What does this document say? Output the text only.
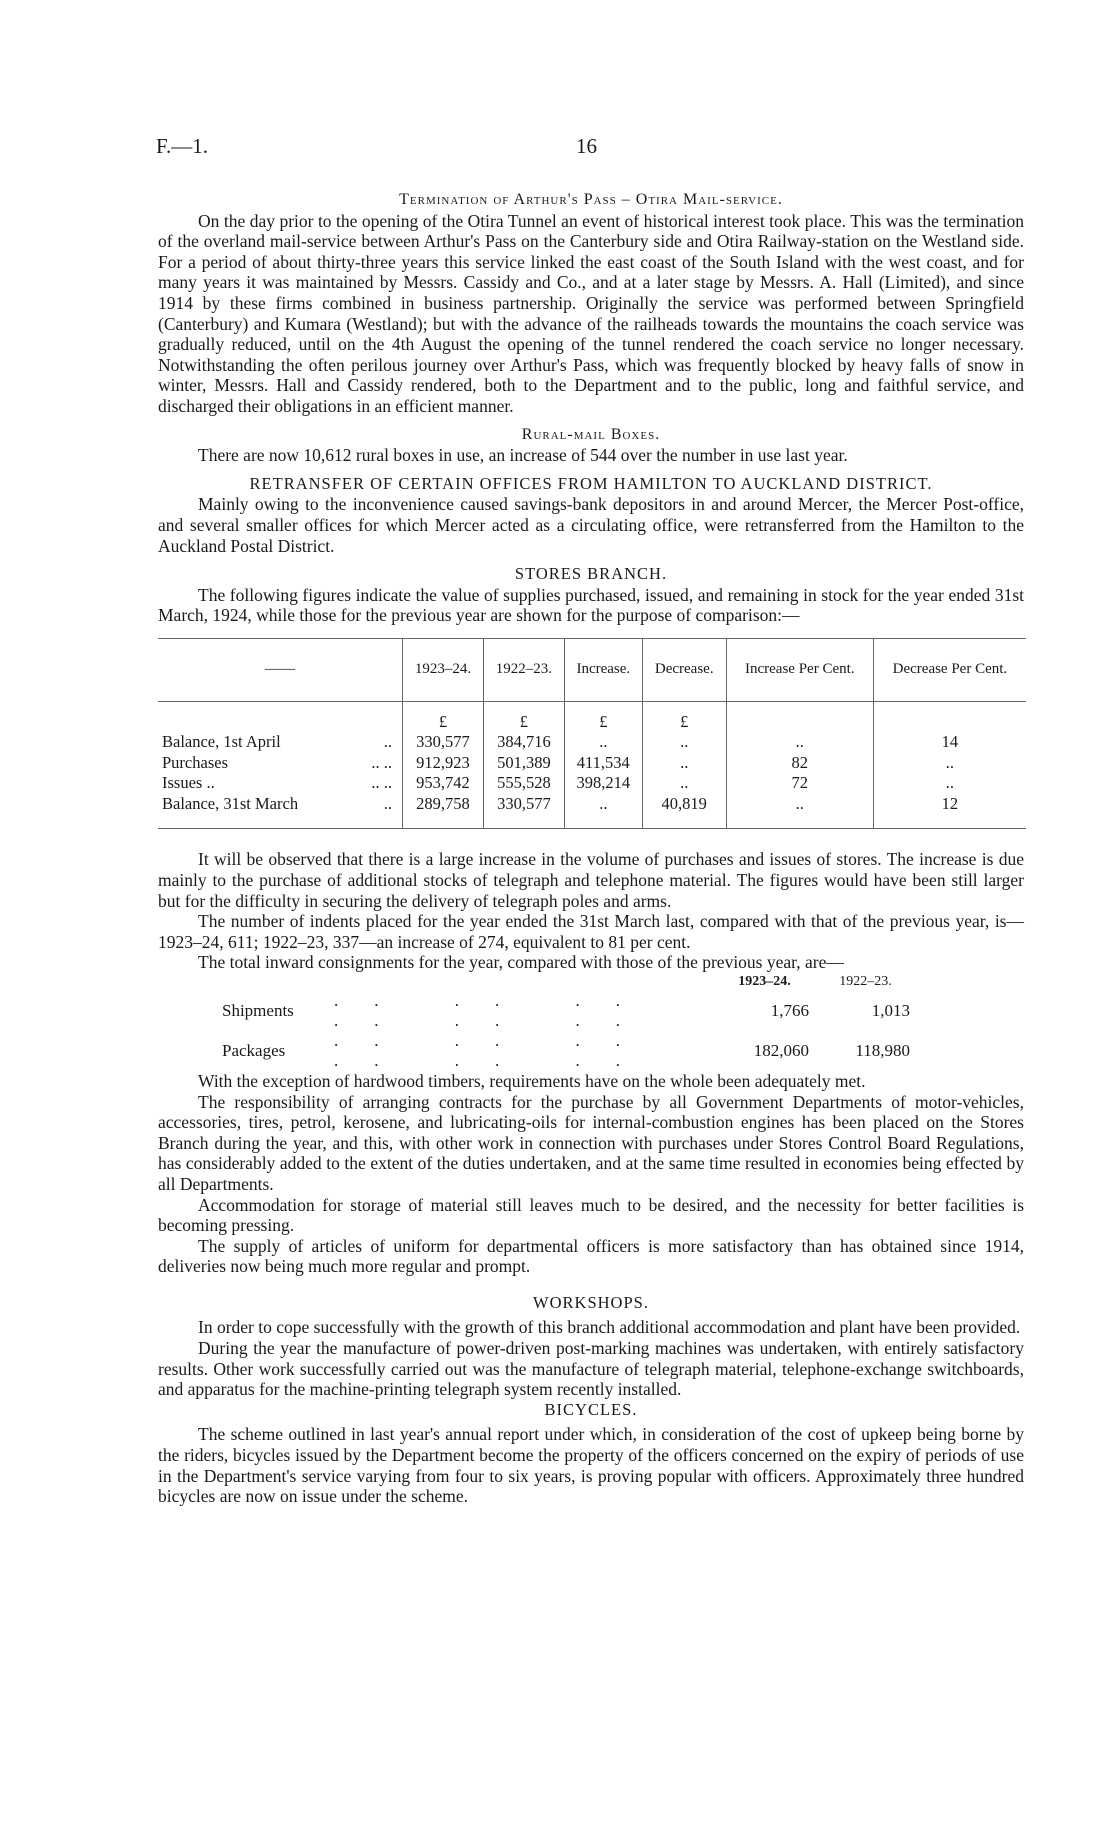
F.—1.	16
Termination of Arthur's Pass – Otira Mail-service.

On the day prior to the opening of the Otira Tunnel an event of historical interest took place. This was the termination of the overland mail-service between Arthur's Pass on the Canterbury side and Otira Railway-station on the Westland side. For a period of about thirty-three years this service linked the east coast of the South Island with the west coast, and for many years it was maintained by Messrs. Cassidy and Co., and at a later stage by Messrs. A. Hall (Limited), and since 1914 by these firms combined in business partnership. Originally the service was performed between Springfield (Canterbury) and Kumara (Westland); but with the advance of the railheads towards the mountains the coach service was gradually reduced, until on the 4th August the opening of the tunnel rendered the coach service no longer necessary. Notwithstanding the often perilous journey over Arthur's Pass, which was frequently blocked by heavy falls of snow in winter, Messrs. Hall and Cassidy rendered, both to the Department and to the public, long and faithful service, and discharged their obligations in an efficient manner.

Rural-mail Boxes.

There are now 10,612 rural boxes in use, an increase of 544 over the number in use last year.

RETRANSFER OF CERTAIN OFFICES FROM HAMILTON TO AUCKLAND DISTRICT.

Mainly owing to the inconvenience caused savings-bank depositors in and around Mercer, the Mercer Post-office, and several smaller offices for which Mercer acted as a circulating office, were retransferred from the Hamilton to the Auckland Postal District.

STORES BRANCH.

The following figures indicate the value of supplies purchased, issued, and remaining in stock for the year ended 31st March, 1924, while those for the previous year are shown for the purpose of comparison:—

——	1923–24.	1922–23.	Increase.	Decrease.	Increase Per Cent.	Decrease Per Cent.
	£	£	£	£		
Balance, 1st April ..	330,577	384,716	..	..	..	14
Purchases .. ..	912,923	501,389	411,534	..	82	..
Issues .. .. ..	953,742	555,528	398,214	..	72	..
Balance, 31st March ..	289,758	330,577	..	40,819	..	12

It will be observed that there is a large increase in the volume of purchases and issues of stores. The increase is due mainly to the purchase of additional stocks of telegraph and telephone material. The figures would have been still larger but for the difficulty in securing the delivery of telegraph poles and arms.

The number of indents placed for the year ended the 31st March last, compared with that of the previous year, is—1923–24, 611; 1922–23, 337—an increase of 274, equivalent to 81 per cent.

The total inward consignments for the year, compared with those of the previous year, are—

		1923–24.	1922–23.
Shipments	.. .. .. .. .. ..	1,766	1,013
Packages	.. .. .. .. .. ..	182,060	118,980

With the exception of hardwood timbers, requirements have on the whole been adequately met.

The responsibility of arranging contracts for the purchase by all Government Departments of motor-vehicles, accessories, tires, petrol, kerosene, and lubricating-oils for internal-combustion engines has been placed on the Stores Branch during the year, and this, with other work in connection with purchases under Stores Control Board Regulations, has considerably added to the extent of the duties undertaken, and at the same time resulted in economies being effected by all Departments.

Accommodation for storage of material still leaves much to be desired, and the necessity for better facilities is becoming pressing.

The supply of articles of uniform for departmental officers is more satisfactory than has obtained since 1914, deliveries now being much more regular and prompt.

WORKSHOPS.

In order to cope successfully with the growth of this branch additional accommodation and plant have been provided.

During the year the manufacture of power-driven post-marking machines was undertaken, with entirely satisfactory results. Other work successfully carried out was the manufacture of telegraph material, telephone-exchange switchboards, and apparatus for the machine-printing telegraph system recently installed.

BICYCLES.

The scheme outlined in last year's annual report under which, in consideration of the cost of upkeep being borne by the riders, bicycles issued by the Department become the property of the officers concerned on the expiry of periods of use in the Department's service varying from four to six years, is proving popular with officers. Approximately three hundred bicycles are now on issue under the scheme.
